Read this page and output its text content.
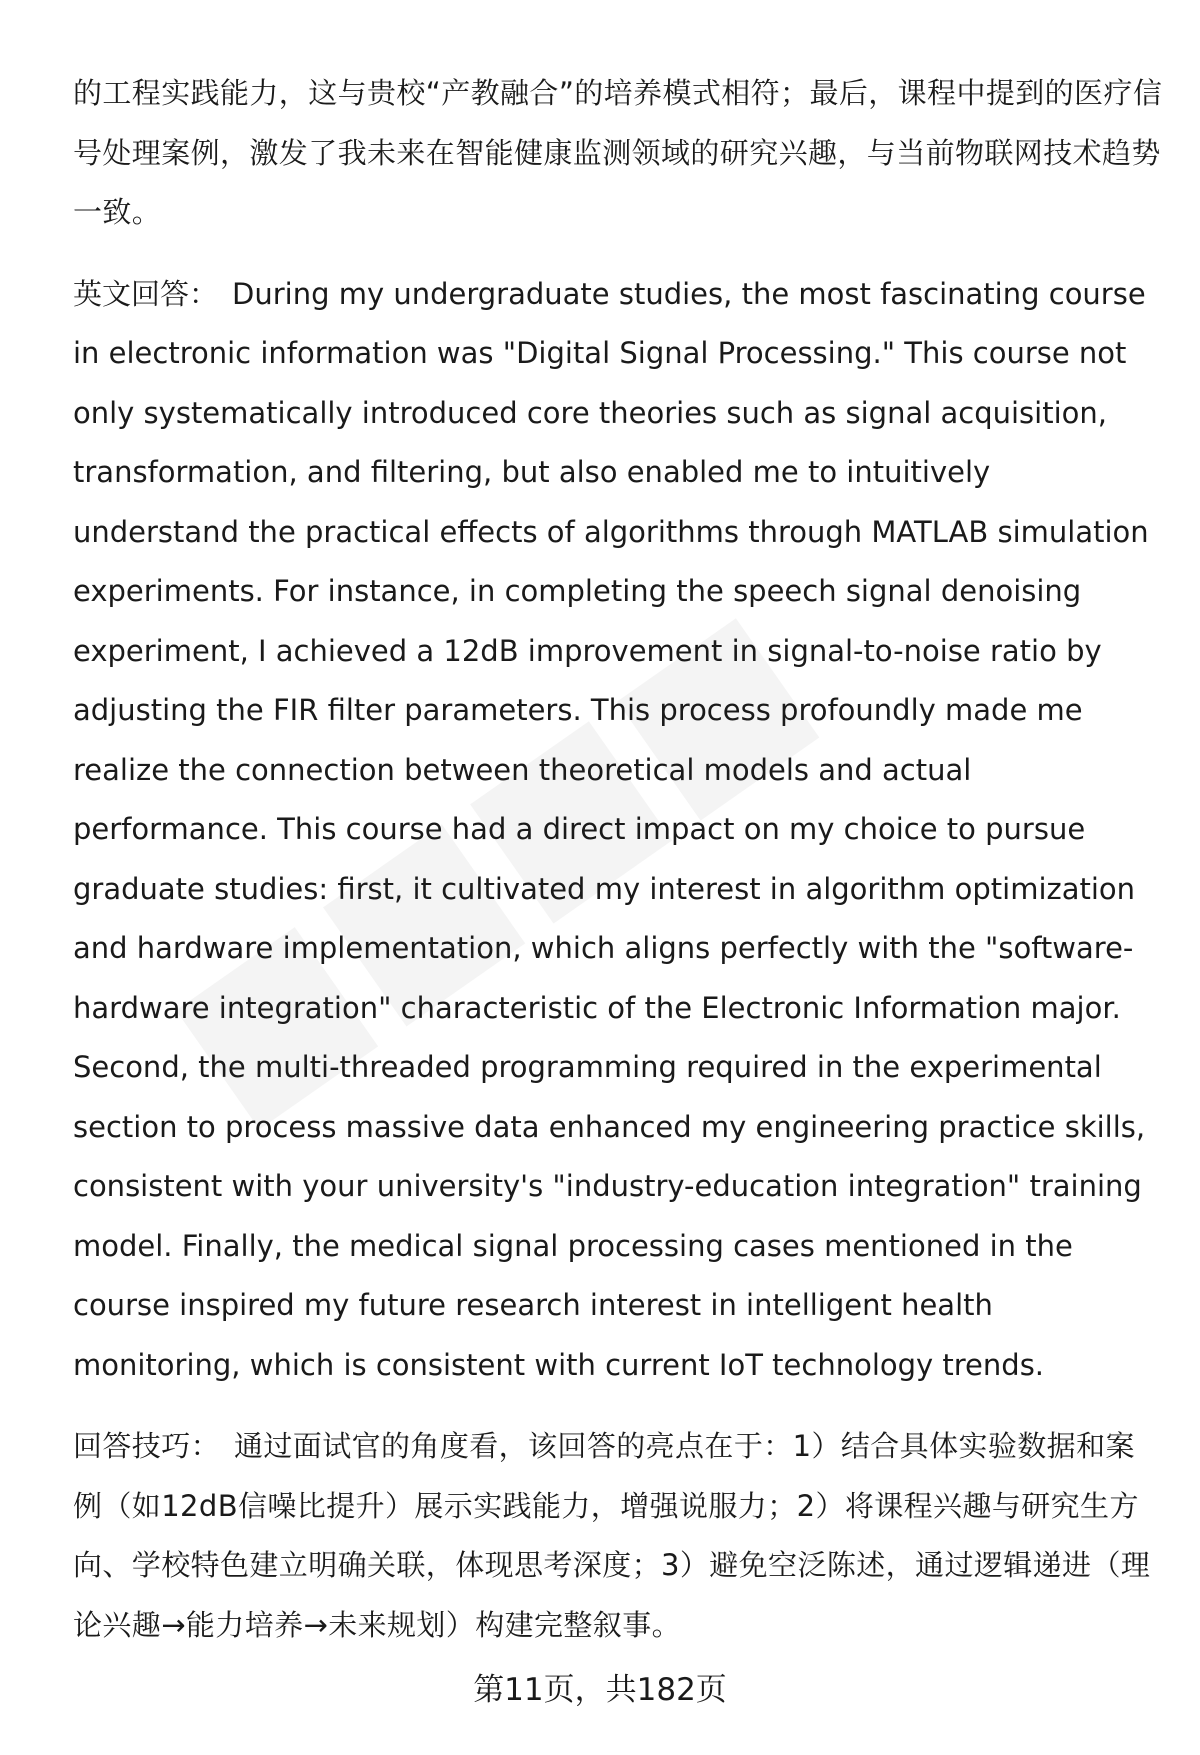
的工程实践能力，这与贵校“产教融合”的培养模式相符；最后，课程中提到的医疗信号处理案例，激发了我未来在智能健康监测领域的研究兴趣，与当前物联网技术趋势一致。

英文回答： During my undergraduate studies, the most fascinating course in electronic information was "Digital Signal Processing." This course not only systematically introduced core theories such as signal acquisition, transformation, and filtering, but also enabled me to intuitively understand the practical effects of algorithms through MATLAB simulation experiments. For instance, in completing the speech signal denoising experiment, I achieved a 12dB improvement in signal-to-noise ratio by adjusting the FIR filter parameters. This process profoundly made me realize the connection between theoretical models and actual performance. This course had a direct impact on my choice to pursue graduate studies: first, it cultivated my interest in algorithm optimization and hardware implementation, which aligns perfectly with the "software-hardware integration" characteristic of the Electronic Information major. Second, the multi-threaded programming required in the experimental section to process massive data enhanced my engineering practice skills, consistent with your university's "industry-education integration" training model. Finally, the medical signal processing cases mentioned in the course inspired my future research interest in intelligent health monitoring, which is consistent with current IoT technology trends.

回答技巧： 通过面试官的角度看，该回答的亮点在于：1）结合具体实验数据和案例（如12dB信噪比提升）展示实践能力，增强说服力；2）将课程兴趣与研究生方向、学校特色建立明确关联，体现思考深度；3）避免空泛陈述，通过逻辑递进（理论兴趣→能力培养→未来规划）构建完整叙事。

第11页，共182页
